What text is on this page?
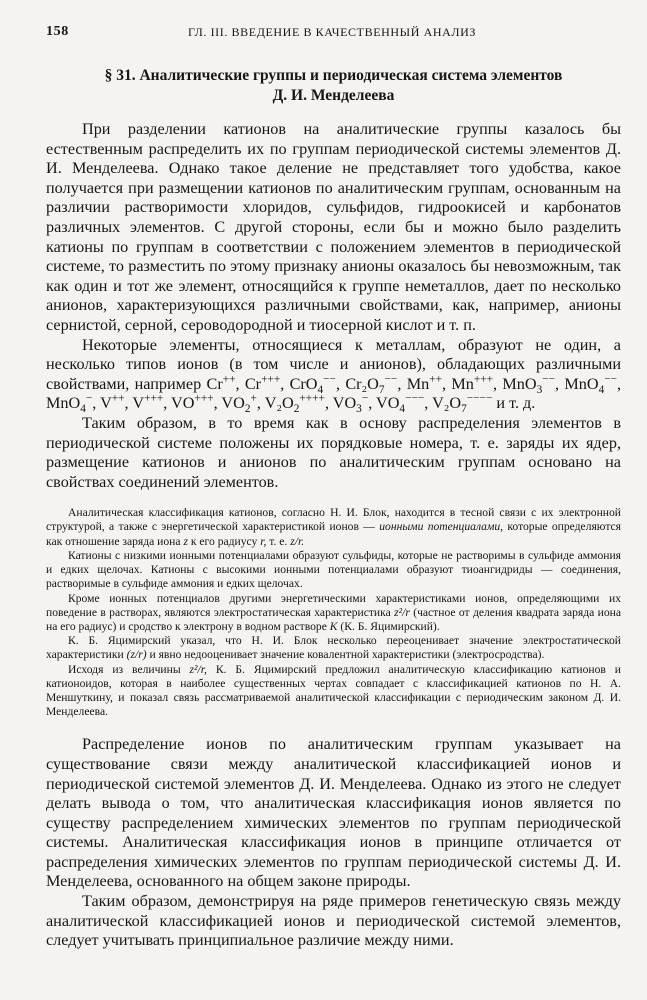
158	ГЛ. III. ВВЕДЕНИЕ В КАЧЕСТВЕННЫЙ АНАЛИЗ
§ 31. Аналитические группы и периодическая система элементов
Д. И. Менделеева

При разделении катионов на аналитические группы казалось бы естественным распределить их по группам периодической системы элементов Д. И. Менделеева. Однако такое деление не представляет того удобства, какое получается при размещении катионов по аналитическим группам, основанным на различии растворимости хлоридов, сульфидов, гидроокисей и карбонатов различных элементов. С другой стороны, если бы и можно было разделить катионы по группам в соответствии с положением элементов в периодической системе, то разместить по этому признаку анионы оказалось бы невозможным, так как один и тот же элемент, относящийся к группе неметаллов, дает по несколько анионов, характеризующихся различными свойствами, как, например, анионы сернистой, серной, сероводородной и тиосерной кислот и т. п.

Некоторые элементы, относящиеся к металлам, образуют не один, а несколько типов ионов (в том числе и анионов), обладающих различными свойствами, например Cr++, Cr+++, CrO$_4$−−, $Cr_2O_7^{--}$, Mn++, Mn+++, MnO$_3$−−, MnO$_4$−−, MnO$_4$−, V++, V+++, VO+++, $VO_2^+$, $V_2O_2^{++++}$, $VO_3^-$, $VO_4^{---}$, $V_2O_7^{----}$ и т. д.

Таким образом, в то время как в основу распределения элементов в периодической системе положены их порядковые номера, т. е. заряды их ядер, размещение катионов и анионов по аналитическим группам основано на свойствах соединений элементов.

Аналитическая классификация катионов, согласно Н. И. Блок, находится в тесной связи с их электронной структурой, а также с энергетической характеристикой ионов — ионными потенциалами, которые определяются как отношение заряда иона z к его радиусу r, т. е. z/r.

Катионы с низкими ионными потенциалами образуют сульфиды, которые не растворимы в сульфиде аммония и едких щелочах. Катионы с высокими ионными потенциалами образуют тиоангидриды — соединения, растворимые в сульфиде аммония и едких щелочах.

Кроме ионных потенциалов другими энергетическими характеристиками ионов, определяющими их поведение в растворах, являются электростатическая характеристика z²/r (частное от деления квадрата заряда иона на его радиус) и сродство к электрону в водном растворе K (К. Б. Яцимирский).

К. Б. Яцимирский указал, что Н. И. Блок несколько переоценивает значение электростатической характеристики (z/r) и явно недооценивает значение ковалентной характеристики (электросродства).

Исходя из величины z²/r, К. Б. Яцимирский предложил аналитическую классификацию катионов и катионоидов, которая в наиболее существенных чертах совпадает с классификацией катионов по Н. А. Меншуткину, и показал связь рассматриваемой аналитической классификации с периодическим законом Д. И. Менделеева.

Распределение ионов по аналитическим группам указывает на существование связи между аналитической классификацией ионов и периодической системой элементов Д. И. Менделеева. Однако из этого не следует делать вывода о том, что аналитическая классификация ионов является по существу распределением химических элементов по группам периодической системы. Аналитическая классификация ионов в принципе отличается от распределения химических элементов по группам периодической системы Д. И. Менделеева, основанного на общем законе природы.

Таким образом, демонстрируя на ряде примеров генетическую связь между аналитической классификацией ионов и периодической системой элементов, следует учитывать принципиальное различие между ними.
